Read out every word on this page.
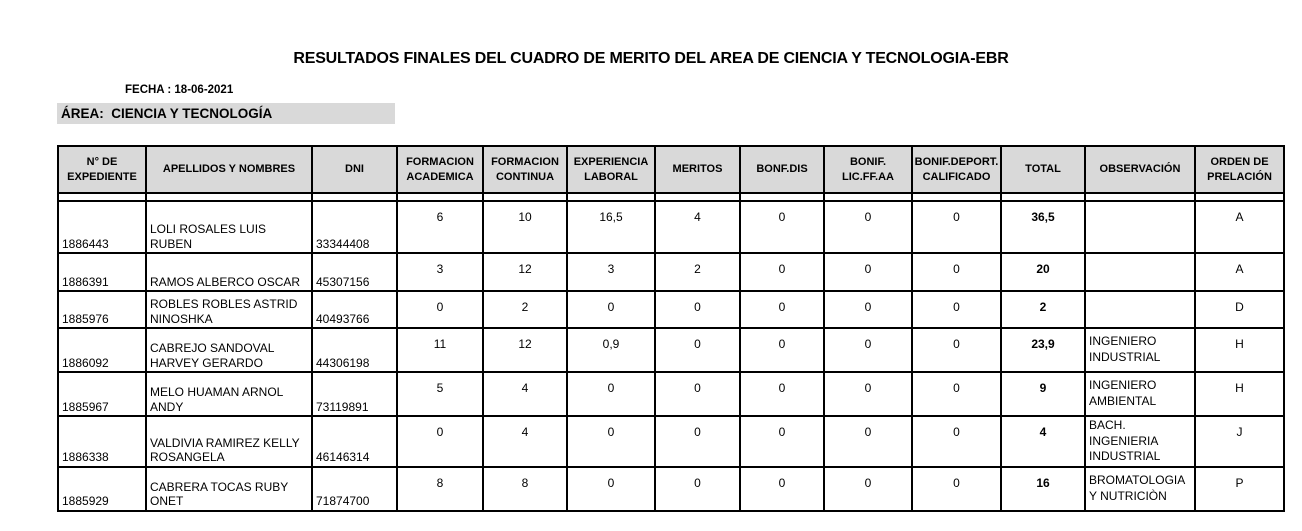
RESULTADOS FINALES DEL CUADRO DE MERITO DEL AREA DE CIENCIA Y TECNOLOGIA-EBR
FECHA : 18-06-2021
ÁREA:  CIENCIA Y TECNOLOGÍA
N° DE EXPEDIENTE	APELLIDOS Y NOMBRES	DNI	FORMACION ACADEMICA	FORMACION CONTINUA	EXPERIENCIA LABORAL	MERITOS	BONF.DIS	BONIF. LIC.FF.AA	BONIF.DEPORT.CALIFICADO	TOTAL	OBSERVACIÓN	ORDEN DE PRELACIÓN

1886443	LOLI ROSALES LUIS RUBEN	33344408	6	10	16,5	4	0	0	0	36,5		A
1886391	RAMOS ALBERCO OSCAR	45307156	3	12	3	2	0	0	0	20		A
1885976	ROBLES ROBLES ASTRID NINOSHKA	40493766	0	2	0	0	0	0	0	2		D
1886092	CABREJO SANDOVAL HARVEY GERARDO	44306198	11	12	0,9	0	0	0	0	23,9	INGENIERO INDUSTRIAL	H
1885967	MELO HUAMAN ARNOL ANDY	73119891	5	4	0	0	0	0	0	9	INGENIERO AMBIENTAL	H
1886338	VALDIVIA RAMIREZ KELLY ROSANGELA	46146314	0	4	0	0	0	0	0	4	BACH. INGENIERIA INDUSTRIAL	J
1885929	CABRERA TOCAS RUBY ONET	71874700	8	8	0	0	0	0	0	16	BROMATOLOGIA Y NUTRICIÒN	P
